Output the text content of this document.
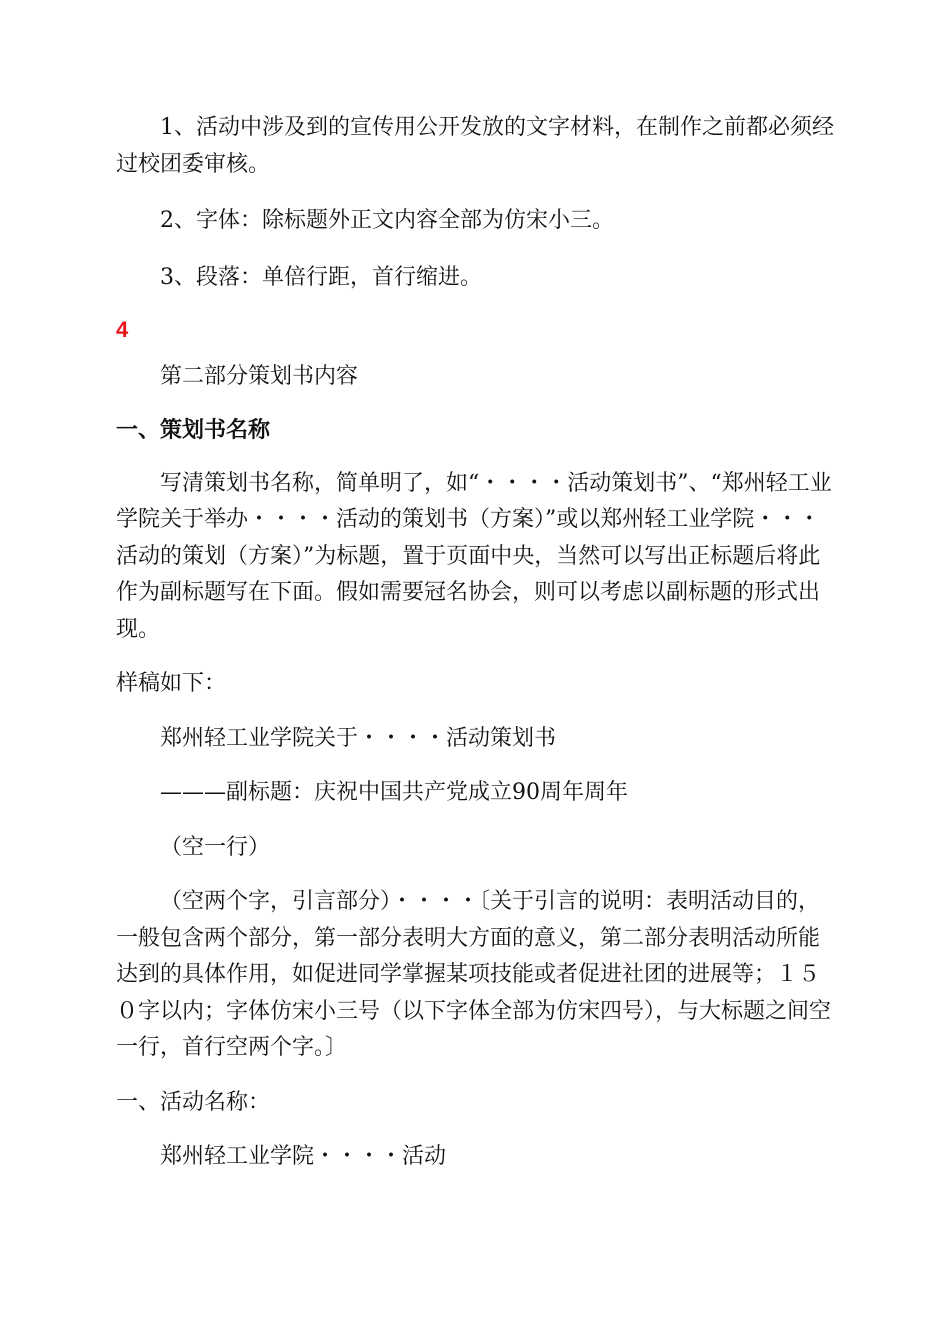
1、活动中涉及到的宣传用公开发放的文字材料，在制作之前都必须经过校团委审核。

2、字体：除标题外正文内容全部为仿宋小三。

3、段落：单倍行距，首行缩进。

4

第二部分策划书内容

一、策划书名称

写清策划书名称，简单明了，如“・・・・活动策划书”、“郑州轻工业学院关于举办・・・・活动的策划书（方案）”或以郑州轻工业学院・・・活动的策划（方案）”为标题，置于页面中央，当然可以写出正标题后将此作为副标题写在下面。假如需要冠名协会，则可以考虑以副标题的形式出现。

样稿如下：

郑州轻工业学院关于・・・・活动策划书

———副标题：庆祝中国共产党成立90周年周年

（空一行）

（空两个字，引言部分）・・・・〔关于引言的说明：表明活动目的，一般包含两个部分，第一部分表明大方面的意义，第二部分表明活动所能达到的具体作用，如促进同学掌握某项技能或者促进社团的进展等；１５０字以内；字体仿宋小三号（以下字体全部为仿宋四号），与大标题之间空一行，首行空两个字。〕

一、活动名称：

郑州轻工业学院・・・・活动
